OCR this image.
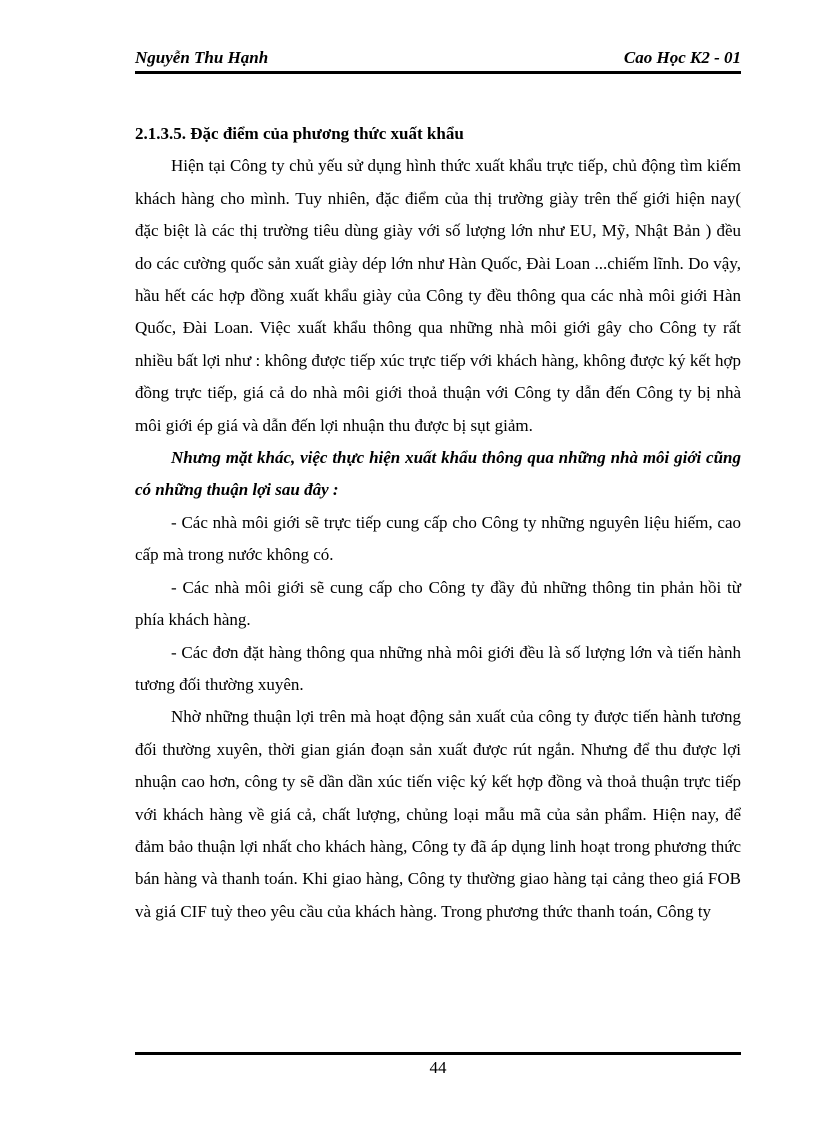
Nguyễn Thu Hạnh	Cao Học K2 - 01

2.1.3.5. Đặc điểm của phương thức xuất khẩu

Hiện tại Công ty chủ yếu sử dụng hình thức xuất khẩu trực tiếp, chủ động tìm kiếm khách hàng cho mình. Tuy nhiên, đặc điểm của thị trường giày trên thế giới hiện nay( đặc biệt là các thị trường tiêu dùng giày với số lượng lớn như EU, Mỹ, Nhật Bản ) đều do các cường quốc sản xuất giày dép lớn như Hàn Quốc, Đài Loan ...chiếm lĩnh. Do vậy, hầu hết các hợp đồng xuất khẩu giày của Công ty đều thông qua các nhà môi giới Hàn Quốc, Đài Loan. Việc xuất khẩu thông qua những nhà môi giới gây cho Công ty rất nhiều bất lợi như : không được tiếp xúc trực tiếp với khách hàng, không được ký kết hợp đồng trực tiếp, giá cả do nhà môi giới thoả thuận với Công ty dẫn đến Công ty bị nhà môi giới ép giá và dẫn đến lợi nhuận thu được bị sụt giảm.

Nhưng mặt khác, việc thực hiện xuất khẩu thông qua những nhà môi giới cũng có những thuận lợi sau đây :

- Các nhà môi giới sẽ trực tiếp cung cấp cho Công ty những nguyên liệu hiếm, cao cấp mà trong nước không có.

- Các nhà môi giới sẽ cung cấp cho Công ty đầy đủ những thông tin phản hồi từ phía khách hàng.

- Các đơn đặt hàng thông qua những nhà môi giới đều là số lượng lớn và tiến hành tương đối thường xuyên.

Nhờ những thuận lợi trên mà hoạt động sản xuất của công ty được tiến hành tương đối thường xuyên, thời gian gián đoạn sản xuất được rút ngắn. Nhưng để thu được lợi nhuận cao hơn, công ty sẽ dần dần xúc tiến việc ký kết hợp đồng và thoả thuận trực tiếp với khách hàng về giá cả, chất lượng, chủng loại mẫu mã của sản phẩm. Hiện nay, để đảm bảo thuận lợi nhất cho khách hàng, Công ty đã áp dụng linh hoạt trong phương thức bán hàng và thanh toán. Khi giao hàng, Công ty thường giao hàng tại cảng theo giá FOB và giá CIF tuỳ theo yêu cầu của khách hàng. Trong phương thức thanh toán, Công ty

44
